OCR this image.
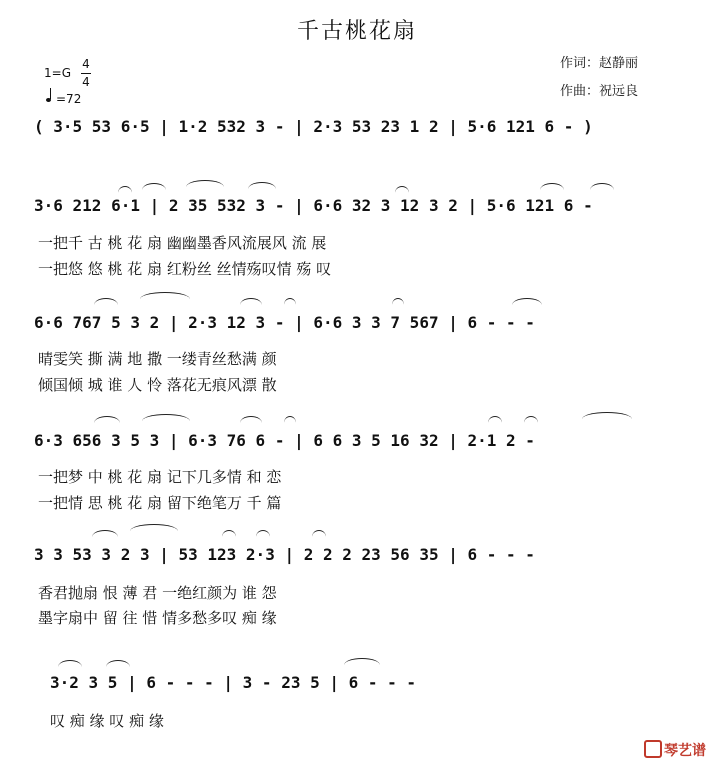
千古桃花扇
作词：赵静丽
作曲：祝远良
1=G
4
4
=72
( 3·5 53 6·5 | 1·2 532 3 - | 2·3 53 23 1 2 | 5·6 121 6 - )
3·6 212 6·1 | 2 35 532 3 - | 6·6 32 3 12 3 2 | 5·6 121 6 -
一把千 古 桃 花 扇 幽幽墨香风流展风 流 展
一把悠 悠 桃 花 扇 红粉丝 丝情殇叹情 殇 叹
6·6 767 5 3 2 | 2·3 12 3 - | 6·6 3 3 7 567 | 6 - - -
晴雯笑 撕 满 地 撒 一缕青丝愁满 颜
倾国倾 城 谁 人 怜 落花无痕风漂 散
6·3 656 3 5 3 | 6·3 76 6 - | 6 6 3 5 16 32 | 2·1 2 -
一把梦 中 桃 花 扇 记下几多情 和 恋
一把情 思 桃 花 扇 留下绝笔万 千 篇
3 3 53 3 2 3 | 53 123 2·3 | 2 2 2 23 56 35 | 6 - - -
香君抛扇 恨 薄 君 一绝红颜为 谁 怨
墨字扇中 留 往 惜 情多愁多叹 痴 缘
3·2 3 5 | 6 - - - | 3 - 23 5 | 6 - - -
叹 痴 缘 叹 痴 缘
琴艺谱
